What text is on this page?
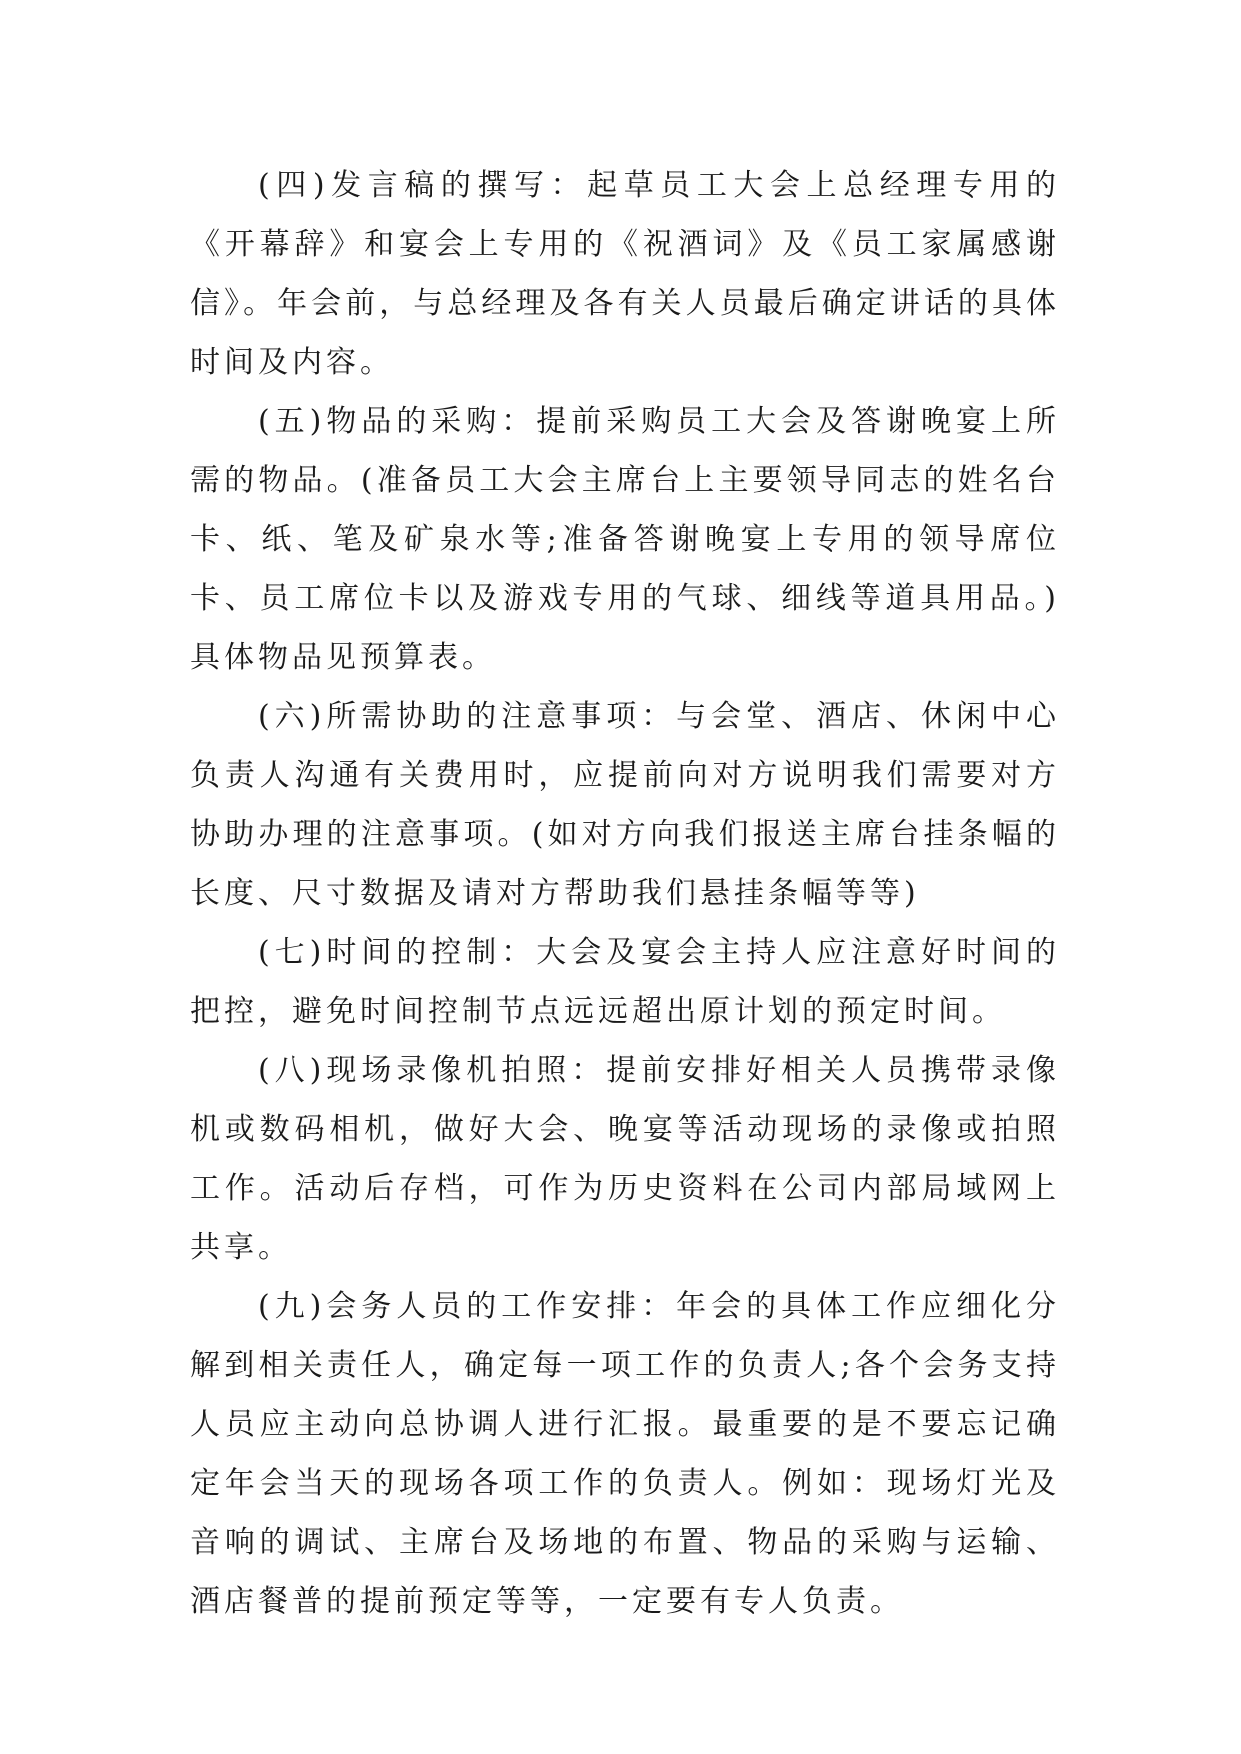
(四)发言稿的撰写：起草员工大会上总经理专用的《开幕辞》和宴会上专用的《祝酒词》及《员工家属感谢信》。年会前，与总经理及各有关人员最后确定讲话的具体时间及内容。

(五)物品的采购：提前采购员工大会及答谢晚宴上所需的物品。(准备员工大会主席台上主要领导同志的姓名台卡、纸、笔及矿泉水等;准备答谢晚宴上专用的领导席位卡、员工席位卡以及游戏专用的气球、细线等道具用品。)具体物品见预算表。

(六)所需协助的注意事项：与会堂、酒店、休闲中心负责人沟通有关费用时，应提前向对方说明我们需要对方协助办理的注意事项。(如对方向我们报送主席台挂条幅的长度、尺寸数据及请对方帮助我们悬挂条幅等等)

(七)时间的控制：大会及宴会主持人应注意好时间的把控，避免时间控制节点远远超出原计划的预定时间。

(八)现场录像机拍照：提前安排好相关人员携带录像机或数码相机，做好大会、晚宴等活动现场的录像或拍照工作。活动后存档，可作为历史资料在公司内部局域网上共享。

(九)会务人员的工作安排：年会的具体工作应细化分解到相关责任人，确定每一项工作的负责人;各个会务支持人员应主动向总协调人进行汇报。最重要的是不要忘记确定年会当天的现场各项工作的负责人。例如：现场灯光及音响的调试、主席台及场地的布置、物品的采购与运输、酒店餐普的提前预定等等，一定要有专人负责。
